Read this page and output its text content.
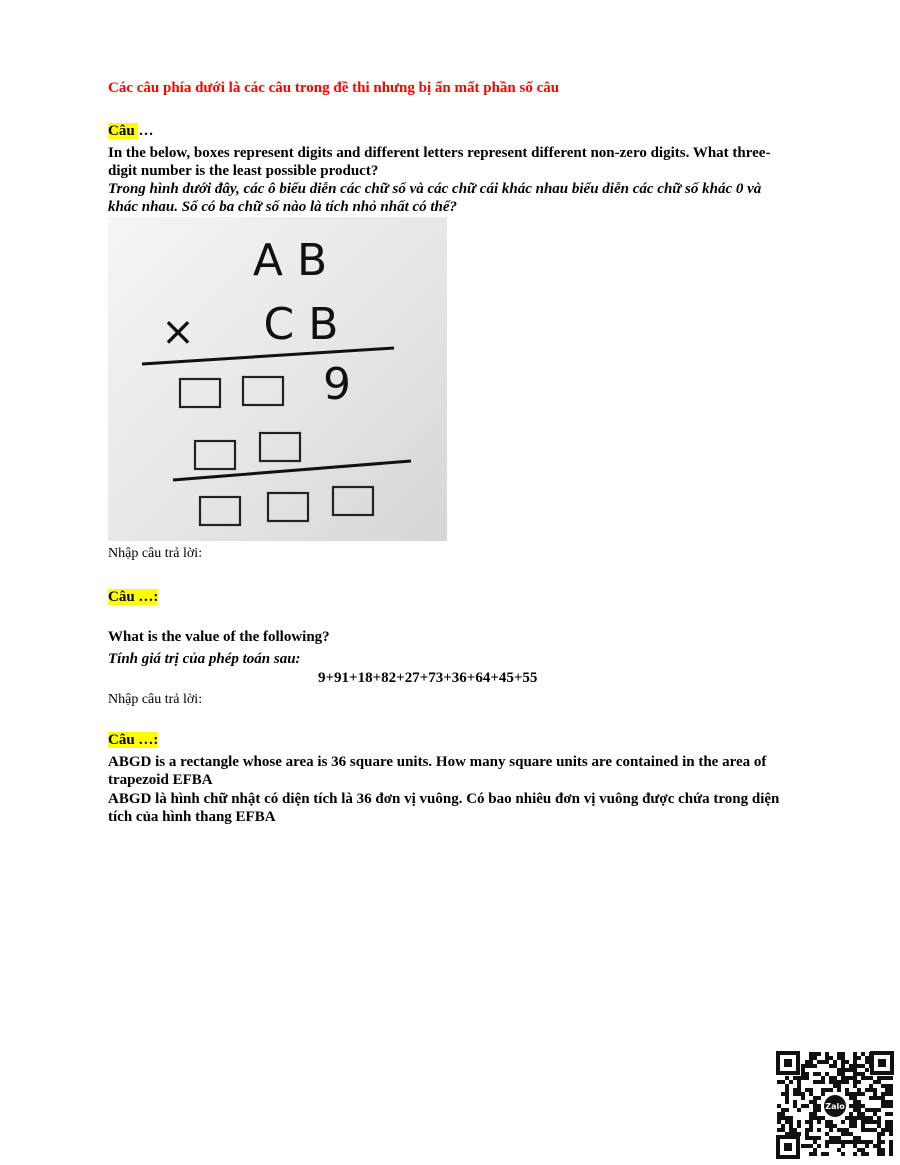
Các câu phía dưới là các câu trong đề thi nhưng bị ẩn mất phần số câu
Câu …
In the below, boxes represent digits and different letters represent different non-zero digits. What three-digit number is the least possible product?
Trong hình dưới đây, các ô biểu diễn các chữ số và các chữ cái khác nhau biểu diễn các chữ số khác 0 và khác nhau. Số có ba chữ số nào là tích nhỏ nhất có thể?
A B
× C B
9
Nhập câu trả lời:
Câu …:
What is the value of the following?
Tính giá trị của phép toán sau:
9+91+18+82+27+73+36+64+45+55
Nhập câu trả lời:
Câu …:
ABGD is a rectangle whose area is 36 square units. How many square units are contained in the area of trapezoid EFBA
ABGD là hình chữ nhật có diện tích là 36 đơn vị vuông. Có bao nhiêu đơn vị vuông được chứa trong diện tích của hình thang EFBA
Zalo
